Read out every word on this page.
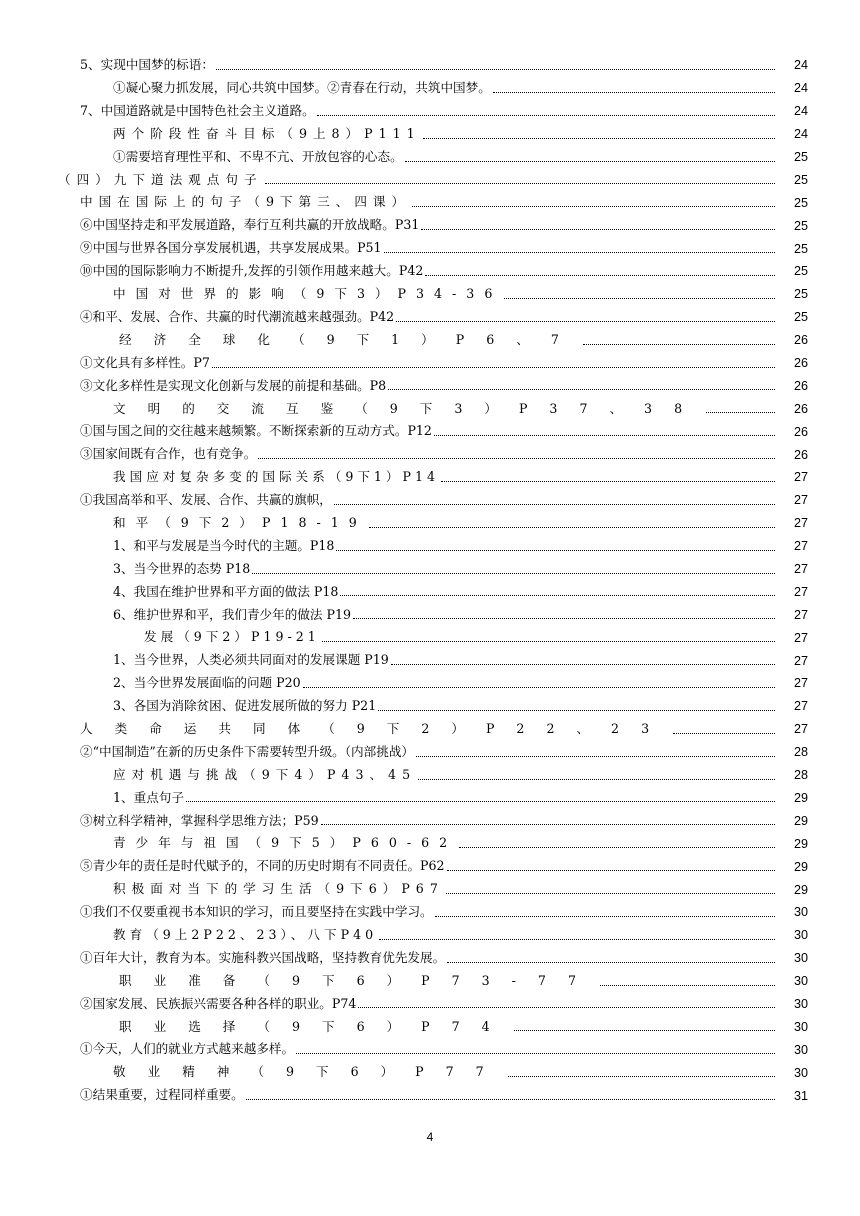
5、实现中国梦的标语：	24
①凝心聚力抓发展，同心共筑中国梦。②青春在行动，共筑中国梦。	24
7、中国道路就是中国特色社会主义道路。	24
两个阶段性奋斗目标（9上8）P111	24
①需要培育理性平和、不卑不亢、开放包容的心态。	25
（四）九下道法观点句子	25
中国在国际上的句子（9下第三、四课）	25
⑥中国坚持走和平发展道路，奉行互利共赢的开放战略。P31	25
⑨中国与世界各国分享发展机遇，共享发展成果。P51	25
⑩中国的国际影响力不断提升,发挥的引领作用越来越大。P42	25
中国对世界的影响（9下3）P34-36	25
④和平、发展、合作、共赢的时代潮流越来越强劲。P42	25
经济全球化（9下1）P6、7	26
①文化具有多样性。P7	26
③文化多样性是实现文化创新与发展的前提和基础。P8	26
文明的交流互鉴（9下3）P37、38	26
①国与国之间的交往越来越频繁。不断探索新的互动方式。P12	26
③国家间既有合作，也有竞争。	26
我国应对复杂多变的国际关系（9下1）P14	27
①我国高举和平、发展、合作、共赢的旗帜，	27
和平（9下2）P18-19	27
1、和平与发展是当今时代的主题。P18	27
3、当今世界的态势 P18	27
4、我国在维护世界和平方面的做法 P18	27
6、维护世界和平，我们青少年的做法 P19	27
发展（9下2）P19-21	27
1、当今世界，人类必须共同面对的发展课题 P19	27
2、当今世界发展面临的问题 P20	27
3、各国为消除贫困、促进发展所做的努力 P21	27
人类命运共同体（9下2）P22、23	27
②“中国制造”在新的历史条件下需要转型升级。（内部挑战）	28
应对机遇与挑战（9下4）P43、45	28
1、重点句子	29
③树立科学精神，掌握科学思维方法；P59	29
青少年与祖国（9下5）P60-62	29
⑤青少年的责任是时代赋予的，不同的历史时期有不同责任。P62	29
积极面对当下的学习生活（9下6）P67	29
①我们不仅要重视书本知识的学习，而且要坚持在实践中学习。	30
教育（9上2P22、23）、八下P40	30
①百年大计，教育为本。实施科教兴国战略，坚持教育优先发展。	30
职业准备（9下6）P73-77	30
②国家发展、民族振兴需要各种各样的职业。P74	30
职业选择（9下6）P74	30
①今天，人们的就业方式越来越多样。	30
敬业精神（9下6）P77	30
①结果重要，过程同样重要。	31
4
